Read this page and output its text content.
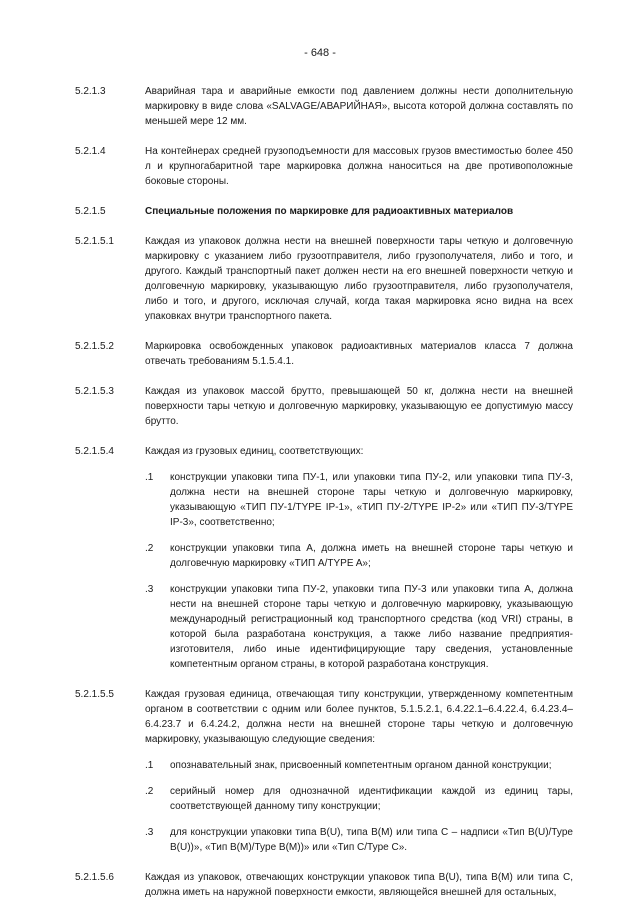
- 648 -
5.2.1.3	Аварийная тара и аварийные емкости под давлением должны нести дополнительную маркировку в виде слова «SALVAGE/АВАРИЙНАЯ», высота которой должна составлять по меньшей мере 12 мм.
5.2.1.4	На контейнерах средней грузоподъемности для массовых грузов вместимостью более 450 л и крупногабаритной таре маркировка должна наноситься на две противоположные боковые стороны.
5.2.1.5	Специальные положения по маркировке для радиоактивных материалов
5.2.1.5.1	Каждая из упаковок должна нести на внешней поверхности тары четкую и долговечную маркировку с указанием либо грузоотправителя, либо грузополучателя, либо и того, и другого. Каждый транспортный пакет должен нести на его внешней поверхности четкую и долговечную маркировку, указывающую либо грузоотправителя, либо грузополучателя, либо и того, и другого, исключая случай, когда такая маркировка ясно видна на всех упаковках внутри транспортного пакета.
5.2.1.5.2	Маркировка освобожденных упаковок радиоактивных материалов класса 7 должна отвечать требованиям 5.1.5.4.1.
5.2.1.5.3	Каждая из упаковок массой брутто, превышающей 50 кг, должна нести на внешней поверхности тары четкую и долговечную маркировку, указывающую ее допустимую массу брутто.
5.2.1.5.4	Каждая из грузовых единиц, соответствующих:
.1 конструкции упаковки типа ПУ-1, или упаковки типа ПУ-2, или упаковки типа ПУ-3, должна нести на внешней стороне тары четкую и долговечную маркировку, указывающую «ТИП ПУ-1/TYPE IP-1», «ТИП ПУ-2/TYPE IP-2» или «ТИП ПУ-3/TYPE IP-3», соответственно;
.2 конструкции упаковки типа А, должна иметь на внешней стороне тары четкую и долговечную маркировку «ТИП А/TYPE A»;
.3 конструкции упаковки типа ПУ-2, упаковки типа ПУ-3 или упаковки типа А, должна нести на внешней стороне тары четкую и долговечную маркировку, указывающую международный регистрационный код транспортного средства (код VRI) страны, в которой была разработана конструкция, а также либо название предприятия-изготовителя, либо иные идентифицирующие тару сведения, установленные компетентным органом страны, в которой разработана конструкция.
5.2.1.5.5	Каждая грузовая единица, отвечающая типу конструкции, утвержденному компетентным органом в соответствии с одним или более пунктов, 5.1.5.2.1, 6.4.22.1–6.4.22.4, 6.4.23.4–6.4.23.7 и 6.4.24.2, должна нести на внешней стороне тары четкую и долговечную маркировку, указывающую следующие сведения:
.1 опознавательный знак, присвоенный компетентным органом данной конструкции;
.2 серийный номер для однозначной идентификации каждой из единиц тары, соответствующей данному типу конструкции;
.3 для конструкции упаковки типа B(U), типа B(M) или типа С – надписи «Тип B(U)/Type B(U))», «Тип B(M)/Type B(M))» или «Тип C/Type C».
5.2.1.5.6	Каждая из упаковок, отвечающих конструкции упаковок типа B(U), типа B(M) или типа С, должна иметь на наружной поверхности емкости, являющейся внешней для остальных,
